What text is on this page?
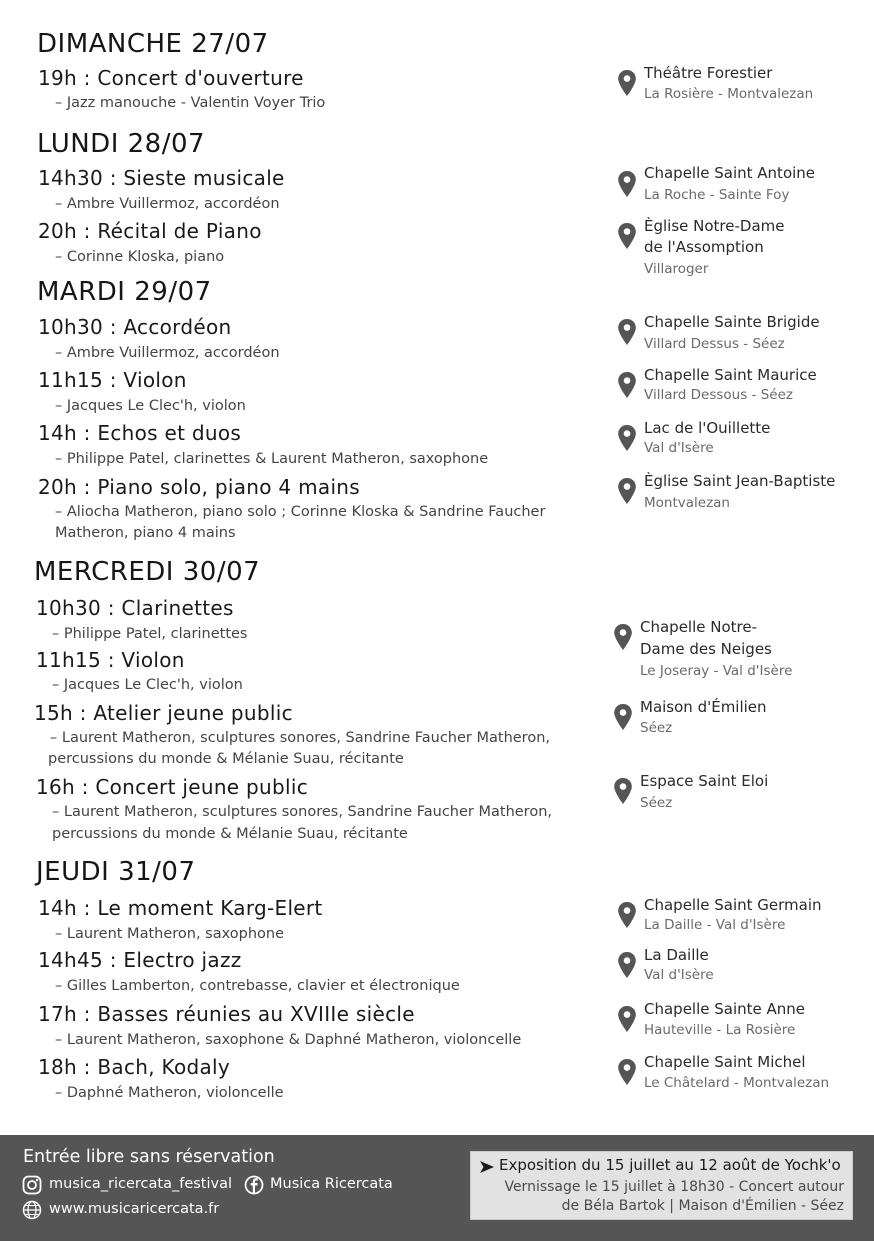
DIMANCHE 27/07
19h : Concert d'ouverture
– Jazz manouche - Valentin Voyer Trio
Théâtre Forestier
La Rosière - Montvalezan
LUNDI 28/07
14h30 : Sieste musicale
– Ambre Vuillermoz, accordéon
20h : Récital de Piano
– Corinne Kloska, piano
Chapelle Saint Antoine
La Roche - Sainte Foy
Èglise Notre-Dame
de l'Assomption
Villaroger
MARDI 29/07
10h30 : Accordéon
– Ambre Vuillermoz, accordéon
11h15 : Violon
– Jacques Le Clec'h, violon
14h : Echos et duos
– Philippe Patel, clarinettes & Laurent Matheron, saxophone
20h : Piano solo, piano 4 mains
– Aliocha Matheron, piano solo ; Corinne Kloska & Sandrine Faucher
Matheron, piano 4 mains
Chapelle Sainte Brigide
Villard Dessus - Séez
Chapelle Saint Maurice
Villard Dessous - Séez
Lac de l'Ouillette
Val d'Isère
Èglise Saint Jean-Baptiste
Montvalezan
MERCREDI 30/07
10h30 : Clarinettes
– Philippe Patel, clarinettes
11h15 : Violon
– Jacques Le Clec'h, violon
15h : Atelier jeune public
– Laurent Matheron, sculptures sonores, Sandrine Faucher Matheron,
percussions du monde & Mélanie Suau, récitante
16h : Concert jeune public
– Laurent Matheron, sculptures sonores, Sandrine Faucher Matheron,
percussions du monde & Mélanie Suau, récitante
Chapelle Notre-
Dame des Neiges
Le Joseray - Val d'Isère
Maison d'Émilien
Séez
Espace Saint Eloi
Séez
JEUDI 31/07
14h : Le moment Karg-Elert
– Laurent Matheron, saxophone
14h45 : Electro jazz
– Gilles Lamberton, contrebasse, clavier et électronique
17h : Basses réunies au XVIIIe siècle
– Laurent Matheron, saxophone & Daphné Matheron, violoncelle
18h : Bach, Kodaly
– Daphné Matheron, violoncelle
Chapelle Saint Germain
La Daille - Val d'Isère
La Daille
Val d'Isère
Chapelle Sainte Anne
Hauteville - La Rosière
Chapelle Saint Michel
Le Châtelard - Montvalezan
Entrée libre sans réservation
musica_ricercata_festival	Musica Ricercata
www.musicaricercata.fr
Exposition du 15 juillet au 12 août de Yochk'o
Vernissage le 15 juillet à 18h30 - Concert autour
de Béla Bartok | Maison d'Émilien - Séez
